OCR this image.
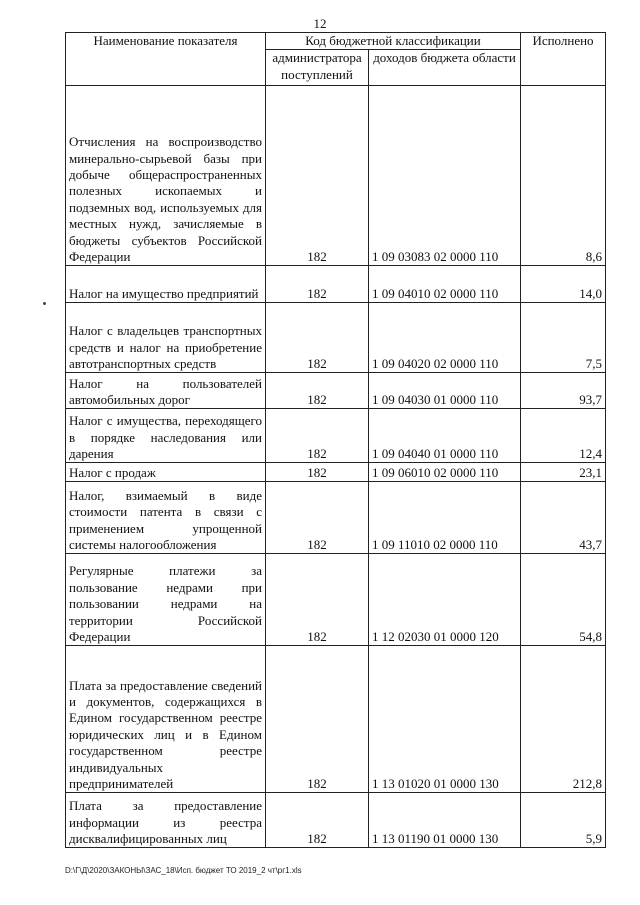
12
Наименование показателя	Код бюджетной классификации		Исполнено
	администратора поступлений	доходов бюджета области	
Отчисления на воспроизводство минерально-сырьевой базы при добыче общераспространенных полезных ископаемых и подземных вод, используемых для местных нужд, зачисляемые в бюджеты субъектов Российской Федерации	182	1 09 03083 02 0000 110	8,6
Налог на имущество предприятий	182	1 09 04010 02 0000 110	14,0
Налог с владельцев транспортных средств и налог на приобретение автотранспортных средств	182	1 09 04020 02 0000 110	7,5
Налог на пользователей автомобильных дорог	182	1 09 04030 01 0000 110	93,7
Налог с имущества, переходящего в порядке наследования или дарения	182	1 09 04040 01 0000 110	12,4
Налог с продаж	182	1 09 06010 02 0000 110	23,1
Налог, взимаемый в виде стоимости патента в связи с применением упрощенной системы налогообложения	182	1 09 11010 02 0000 110	43,7
Регулярные платежи за пользование недрами при пользовании недрами на территории Российской Федерации	182	1 12 02030 01 0000 120	54,8
Плата за предоставление сведений и документов, содержащихся в Едином государственном реестре юридических лиц и в Едином государственном реестре индивидуальных предпринимателей	182	1 13 01020 01 0000 130	212,8
Плата за предоставление информации из реестра дисквалифицированных лиц	182	1 13 01190 01 0000 130	5,9
D:\Г\Д\2020\ЗАКОНЫ\ЗАС_18\Исп. бюджет ТО 2019_2 чт\рг1.xls
